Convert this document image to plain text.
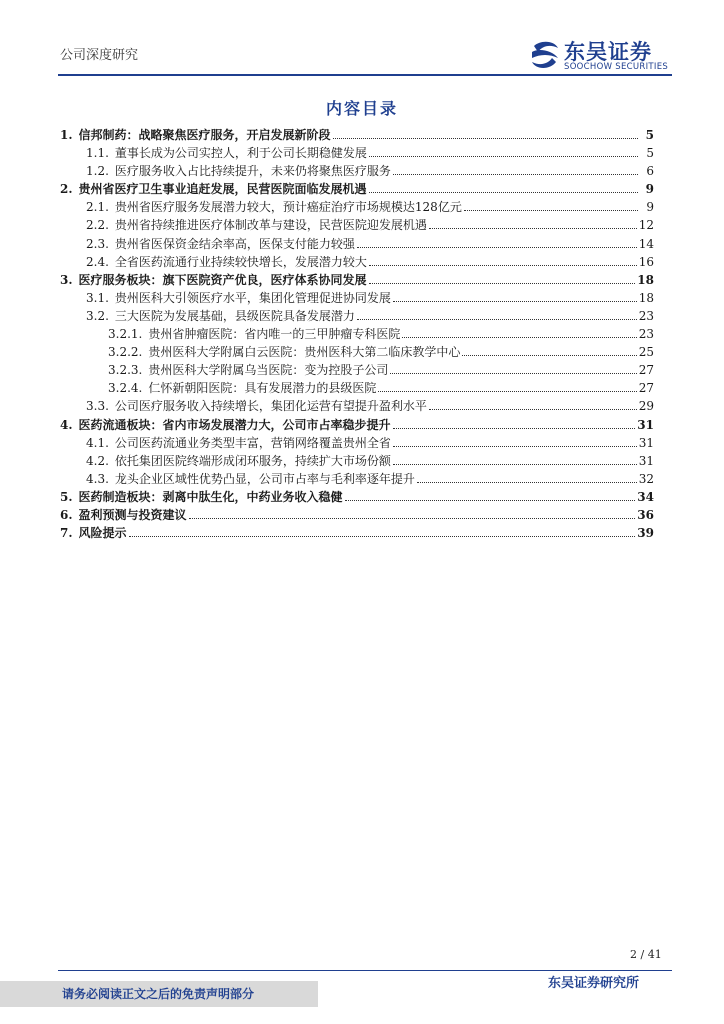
公司深度研究	东吴证券
SOOCHOW SECURITIES
内容目录
1. 信邦制药：战略聚焦医疗服务，开启发展新阶段	5
1.1. 董事长成为公司实控人，利于公司长期稳健发展	5
1.2. 医疗服务收入占比持续提升，未来仍将聚焦医疗服务	6
2. 贵州省医疗卫生事业追赶发展，民营医院面临发展机遇	9
2.1. 贵州省医疗服务发展潜力较大，预计癌症治疗市场规模达128亿元	9
2.2. 贵州省持续推进医疗体制改革与建设，民营医院迎发展机遇	12
2.3. 贵州省医保资金结余率高，医保支付能力较强	14
2.4. 全省医药流通行业持续较快增长，发展潜力较大	16
3. 医疗服务板块：旗下医院资产优良，医疗体系协同发展	18
3.1. 贵州医科大引领医疗水平，集团化管理促进协同发展	18
3.2. 三大医院为发展基础，县级医院具备发展潜力	23
3.2.1. 贵州省肿瘤医院：省内唯一的三甲肿瘤专科医院	23
3.2.2. 贵州医科大学附属白云医院：贵州医科大第二临床教学中心	25
3.2.3. 贵州医科大学附属乌当医院：变为控股子公司	27
3.2.4. 仁怀新朝阳医院：具有发展潜力的县级医院	27
3.3. 公司医疗服务收入持续增长，集团化运营有望提升盈利水平	29
4. 医药流通板块：省内市场发展潜力大，公司市占率稳步提升	31
4.1. 公司医药流通业务类型丰富，营销网络覆盖贵州全省	31
4.2. 依托集团医院终端形成闭环服务，持续扩大市场份额	31
4.3. 龙头企业区域性优势凸显，公司市占率与毛利率逐年提升	32
5. 医药制造板块：剥离中肽生化，中药业务收入稳健	34
6. 盈利预测与投资建议	36
7. 风险提示	39
2 / 41
请务必阅读正文之后的免责声明部分
东吴证券研究所
